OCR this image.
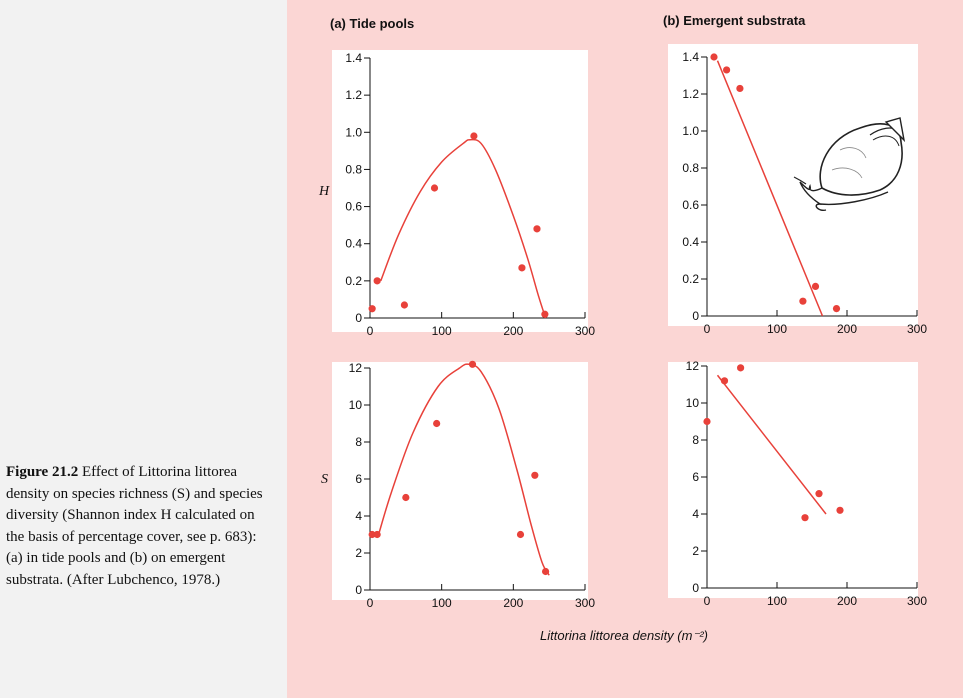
(a) Tide pools	(b) Emergent substrata
H
S
Littorina littorea density (m⁻²)
0
0.2
0.4
0.6
0.8
1.0
1.2
1.4
0	100	200	300
0
0.2
0.4
0.6
0.8
1.0
1.2
1.4
0	100	200	300
0
2
4
6
8
10
12
0	100	200	300
0
2
4
6
8
10
12
0	100	200	300
Figure 21.2 Effect of Littorina littorea density on species richness (S) and species diversity (Shannon index H calculated on the basis of percentage cover, see p. 683): (a) in tide pools and (b) on emergent substrata. (After Lubchenco, 1978.)
